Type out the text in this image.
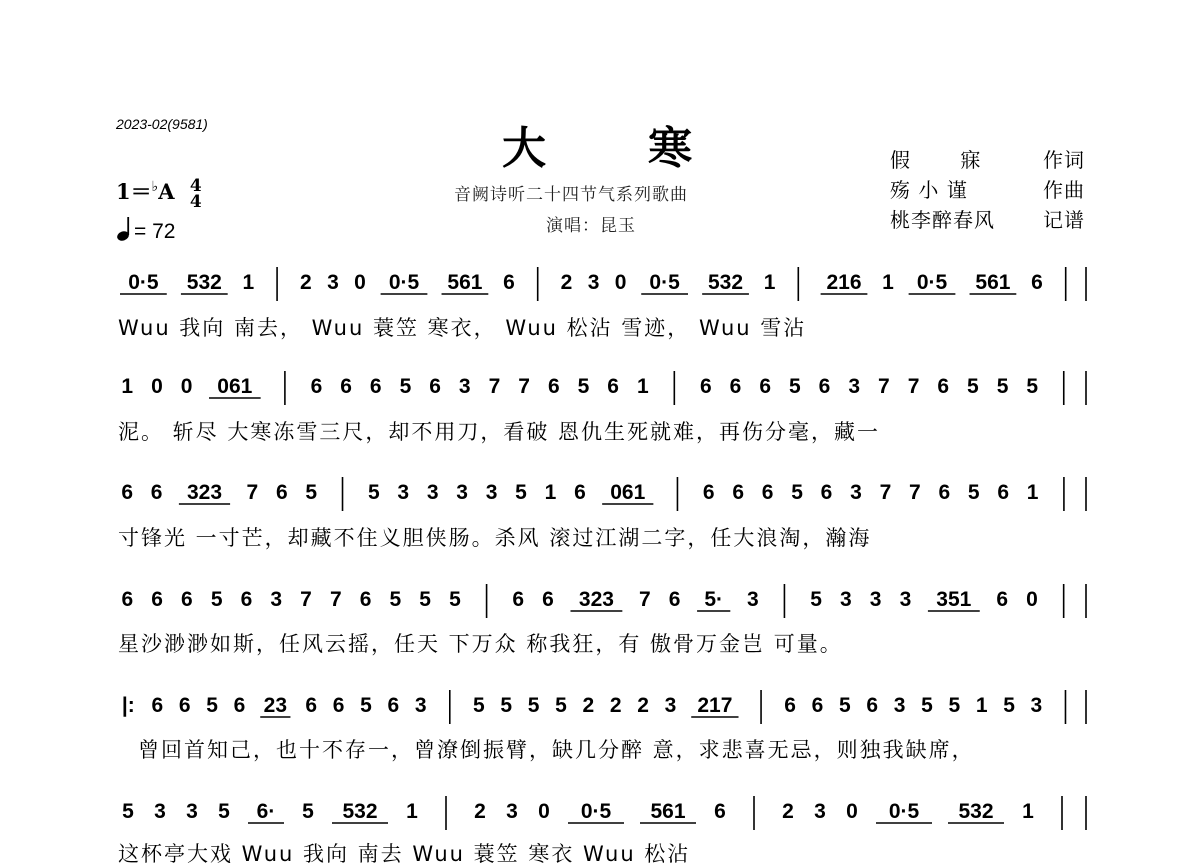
2023-02(9581)	大 寒
音阙诗听二十四节气系列歌曲
演唱：昆玉
假 寐 作词
殇 小 谨	作曲
桃李醉春风 记谱
1＝♭A 4
4
= 72
0·5 532 1 2 3 0 0·5 561 6 2 3 0 0·5 532 1 216 1 0·5 561 6
1 0 0 061	6 6 6 5 6 3 7 7 6 5 6 1 6 6 6 5 6 3 7 7 6 5 5 5
6 6 323 7 6 5 5 3 3 3 3 5 1 6 061	6 6 6 5 6 3 7 7 6 5 6 1
6 6 6 5 6 3 7 7 6 5 5 5 6 6 323 7 6 5· 3 5 3 3 3 351 6 0
|: 6 6 5 6 23 6 6 5 6 3 5 5 5 5 2 2 2 3 217 6 6 5 6 3 5 5 1 5 3
5 3 3 5 6· 5 532 1	2 3 0 0·5 561 6	2 3 0 0·5 532 1
Wuu 我向 南去， Wuu 蓑笠 寒衣， Wuu 松沾 雪迹， Wuu 雪沾
泥。 斩尽 大寒冻雪三尺，却不用刀，看破 恩仇生死就难，再伤分毫，藏一
寸锋光 一寸芒，却藏不住义胆侠肠。杀风 滚过江湖二字，任大浪淘，瀚海
星沙渺渺如斯，任风云摇，任天 下万众 称我狂，有 傲骨万金岂 可量。
曾回首知己，也十不存一，曾潦倒振臂，缺几分醉 意，求悲喜无忌，则独我缺席，
这杯亭大戏 Wuu 我向 南去 Wuu 蓑笠 寒衣 Wuu 松沾
